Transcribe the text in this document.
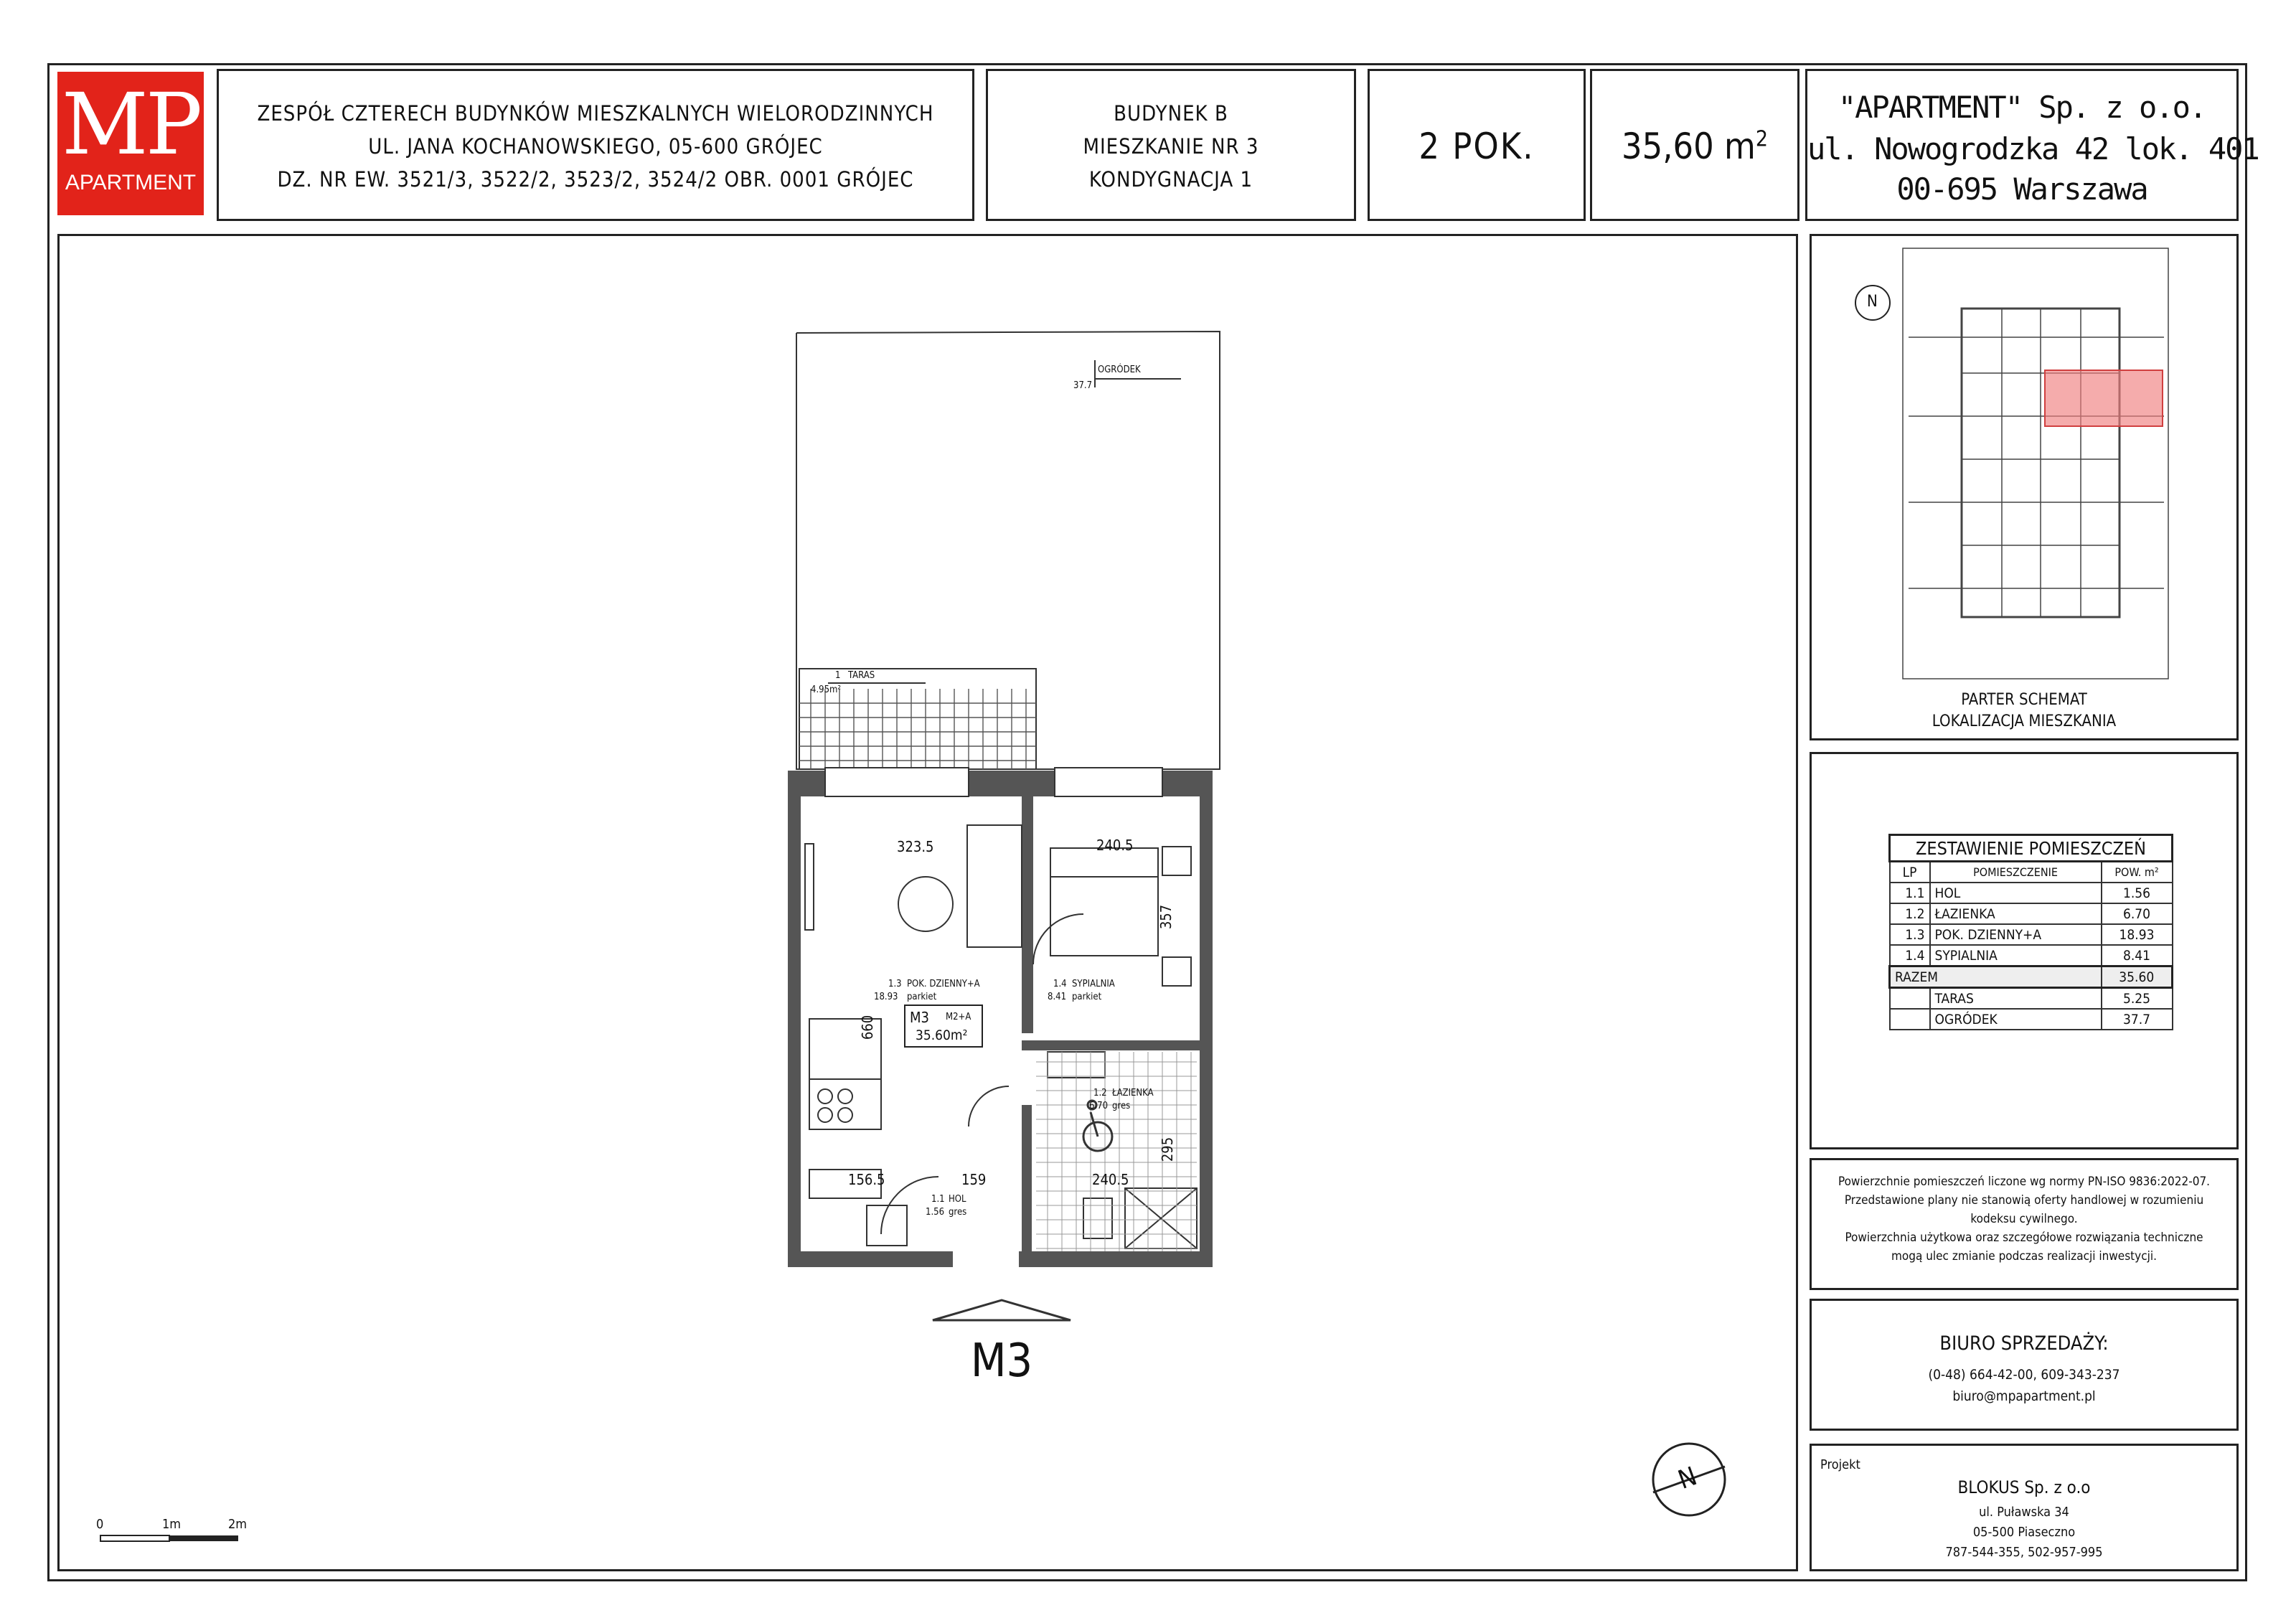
MP
APARTMENT
ZESPÓŁ CZTERECH BUDYNKÓW MIESZKALNYCH WIELORODZINNYCH
UL. JANA KOCHANOWSKIEGO, 05-600 GRÓJEC
DZ. NR EW. 3521/3, 3522/2, 3523/2, 3524/2 OBR. 0001 GRÓJEC
BUDYNEK B
MIESZKANIE NR 3
KONDYGNACJA 1
2 POK.	35,60 $m^2$
"APARTMENT" Sp. z o.o.
ul. Nowogrodzka 42 lok. 401
00-695 Warszawa
PARTER SCHEMAT
LOKALIZACJA MIESZKANIA
Powierzchnie pomieszczeń liczone wg normy PN-ISO 9836:2022-07.
Przedstawione plany nie stanowią oferty handlowej w rozumieniu
kodeksu cywilnego.
Powierzchnia użytkowa oraz szczegółowe rozwiązania techniczne
mogą ulec zmianie podczas realizacji inwestycji.
BIURO SPRZEDAŻY:
(0-48) 664-42-00, 609-343-237
biuro@mpapartment.pl
Projekt
BLOKUS Sp. z o.o
ul. Puławska 34
05-500 Piaseczno
787-544-355, 502-957-995
ZESTAWIENIE POMIESZCZEŃ		
LP	POMIESZCZENIE	POW. m²
1.1	HOL	1.56
1.2	ŁAZIENKA	6.70
1.3	POK. DZIENNY+A	18.93
1.4	SYPIALNIA	8.41
RAZEM		35.60
	TARAS	5.25
	OGRÓDEK	37.7
OGRÓDEK
37.7
1 TARAS
4.95m²
323.5	240.5
357
660
156.5	159	240.5
295
1.3 POK. DZIENNY+A
18.93 parkiet
1.4 SYPIALNIA
8.41 parkiet
1.2 ŁAZIENKA
6.70 gres
1.1 HOL
1.56 gres
M3 M2+A
35.60m²
M3
0	1m	2m
N
N
